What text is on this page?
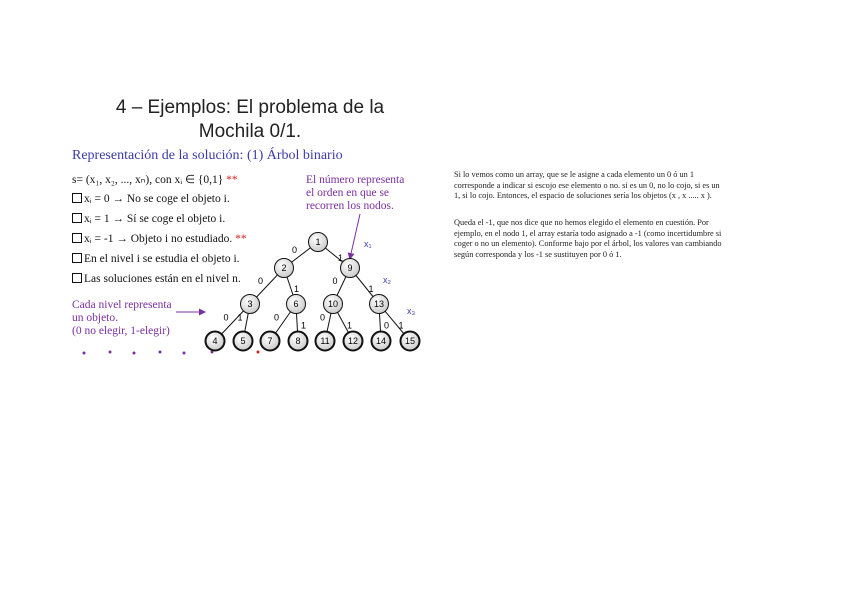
4 – Ejemplos: El problema de la
Mochila 0/1.
Representación de la solución: (1) Árbol binario
s= (x₁, x₂, ..., xₙ), con xᵢ ∈ {0,1} **
xᵢ = 0 → No se coge el objeto i.
xᵢ = 1 → Sí se coge el objeto i.
xᵢ = -1 → Objeto i no estudiado. **
En el nivel i se estudia el objeto i.
Las soluciones están en el nivel n.
El número representa
el orden en que se
recorren los nodos.
Cada nivel representa
un objeto.
(0 no elegir, 1-elegir)
0
1
0
1
0
1
0 1	0
1
0
1	0 1
1
2	9
3	6	10	13
4	5 7	8 11 12 14 15
x₁
x₂
x₃
Si lo vemos como un array, que se le asigne a cada elemento un 0 ó un 1
corresponde a indicar si escojo ese elemento o no. si es un 0, no lo cojo, si es un
1, si lo cojo. Entonces, el espacio de soluciones sería los objetos (x , x ..... x ).
Queda el -1, que nos dice que no hemos elegido el elemento en cuestión. Por
ejemplo, en el nodo 1, el array estaría todo asignado a -1 (como incertidumbre si
coger o no un elemento). Conforme bajo por el árbol, los valores van cambiando
según corresponda y los -1 se sustituyen por 0 ó 1.
